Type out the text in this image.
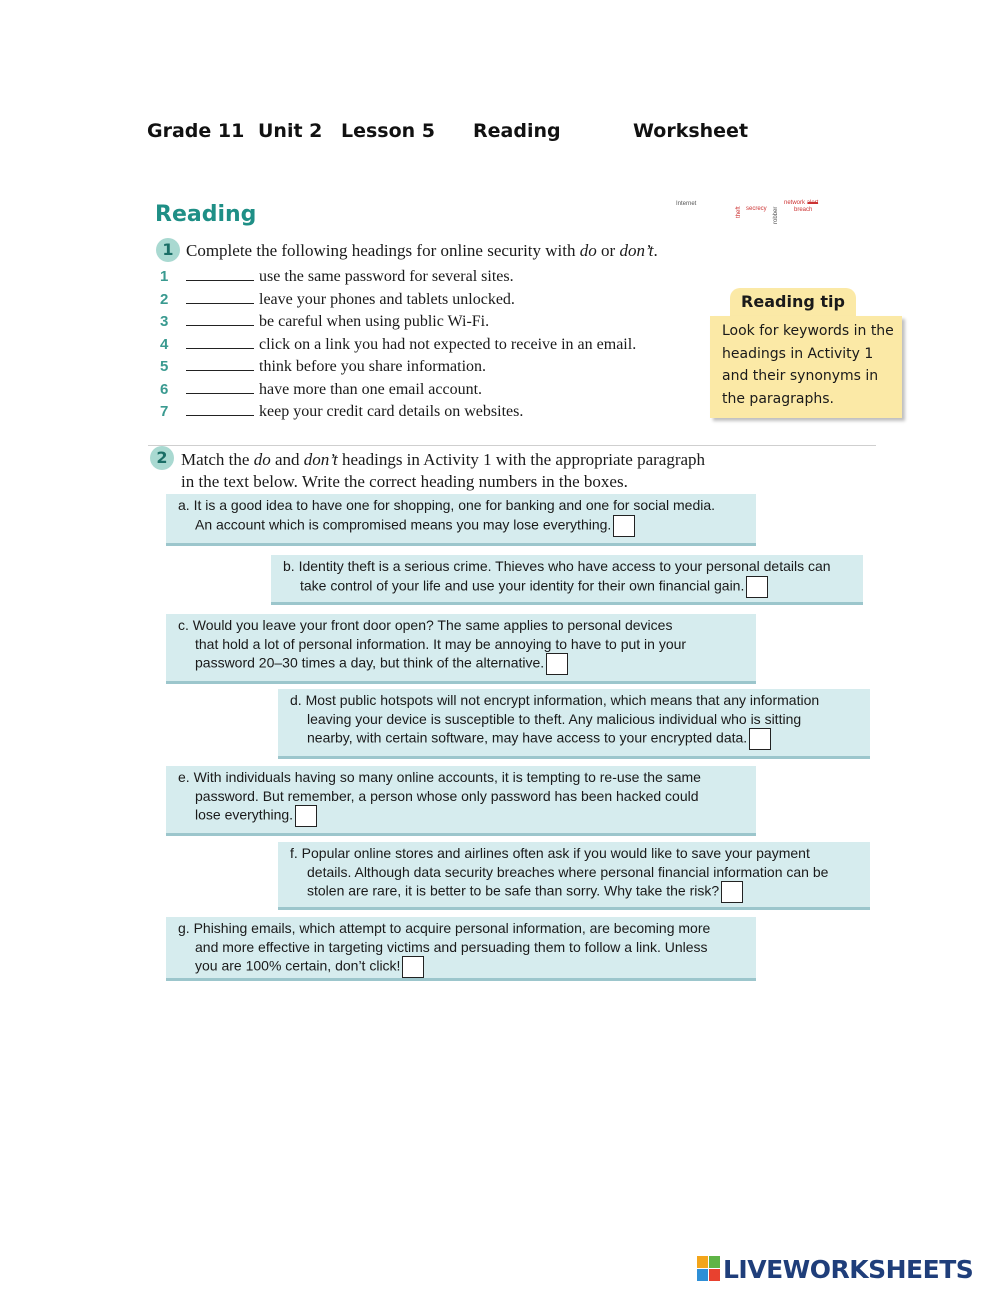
Grade 11 Unit 2 Lesson 5 Reading	Worksheet
Reading	Internet
secrecy
network alert
breach
robber
theft
1 Complete the following headings for online security with do or don’t.
1	use the same password for several sites.
2	leave your phones and tablets unlocked.
3	be careful when using public Wi-Fi.
4	click on a link you had not expected to receive in an email.
5	think before you share information.
6	have more than one email account.
7	keep your credit card details on websites.
Reading tip
Look for keywords in the
headings in Activity 1
and their synonyms in
the paragraphs.
2 Match the do and don’t headings in Activity 1 with the appropriate paragraph
in the text below. Write the correct heading numbers in the boxes.
a. It is a good idea to have one for shopping, one for banking and one for social media.
An account which is compromised means you may lose everything.
b. Identity theft is a serious crime. Thieves who have access to your personal details can
take control of your life and use your identity for their own financial gain.
c. Would you leave your front door open? The same applies to personal devices
that hold a lot of personal information. It may be annoying to have to put in your
password 20–30 times a day, but think of the alternative.
d. Most public hotspots will not encrypt information, which means that any information
leaving your device is susceptible to theft. Any malicious individual who is sitting
nearby, with certain software, may have access to your encrypted data.
e. With individuals having so many online accounts, it is tempting to re-use the same
password. But remember, a person whose only password has been hacked could
lose everything.
f. Popular online stores and airlines often ask if you would like to save your payment
details. Although data security breaches where personal financial information can be
stolen are rare, it is better to be safe than sorry. Why take the risk?
g. Phishing emails, which attempt to acquire personal information, are becoming more
and more effective in targeting victims and persuading them to follow a link. Unless
you are 100% certain, don’t click!
LIVEWORKSHEETS
